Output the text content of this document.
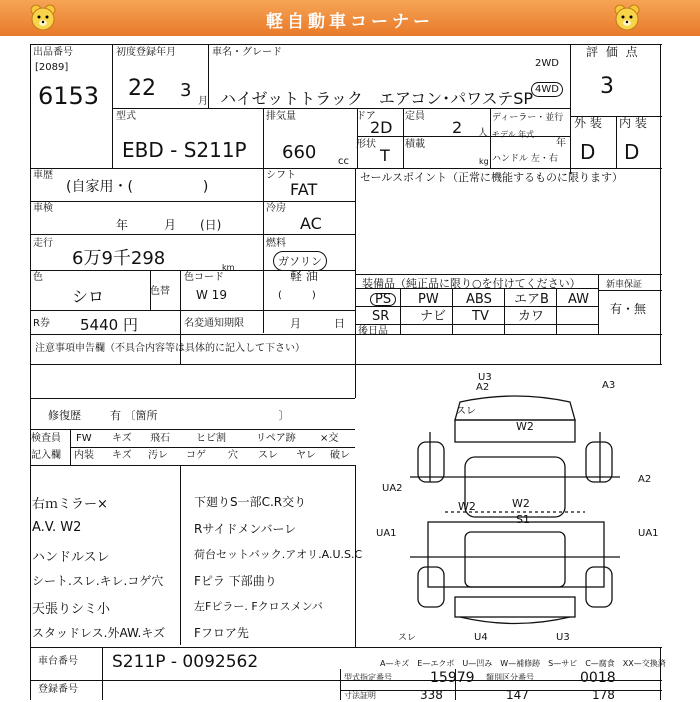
軽自動車コーナー
出品番号
[2089]
6153
初度登録年月
22 3
月
車名・グレード
ハイゼットトラック　エアコン･パワステSP
2WD
4WD
評 価 点
3
型式
EBD - S211P
排気量
660 cc
ドア
2D
定員
2 人
ディーラー・並行
モデル 年式
年
形状
T
積載
kg ハンドル 左・右
外 装 内 装
D D
車歴
(自家用・(　　　　　)
シフト
FAT
車検
年　　　月　　(日)
冷房
AC
走行
6万9千298	km
燃料
ガソリン
軽 油
(　　　)
色
シロ	色替
色コード
W 19
R券 5440 円	名変通知期限	月　　　日
セールスポイント（正常に機能するものに限ります）
装備品（純正品に限り○を付けてください）
PS	PW ABS エアB AW
SR ナビ TV カワ
新車保証
有・無
後日品
注意事項申告欄（不具合内容等は具体的に記入して下さい）
修復歴	有 〔箇所　　　　　　　　　　　〕
検査員
記入欄
FW キズ 飛石	ヒビ割	リペア跡 ×交
内装 キズ 汚レ コゲ 穴 スレ ヤレ 破レ
右ｍミラー×
A.V. W2
ハンドルスレ
シート.スレ.キレ.コゲ穴
天張りシミ小
スタッドレス.外AW.キズ
下廻りS一部C.R交り
Rサイドメンバーレ
荷台セットバック.アオリ.A.U.S.C
Fピラ 下部曲り
左Fピラー. Fクロスメンバ
Fフロア先
U3
A2	A3
スレ
W2
UA2
A2
W2	W2
S1
UA1	UA1
スレ	U4	U3
車台番号 S211P - 0092562
登録番号
A—キズ　E—エクボ　U—凹み　W—補修跡　S—サビ　C—腐食　XX—交換済
型式指定番号	15979 類別区分番号	0018
寸法証明	338	147	178
